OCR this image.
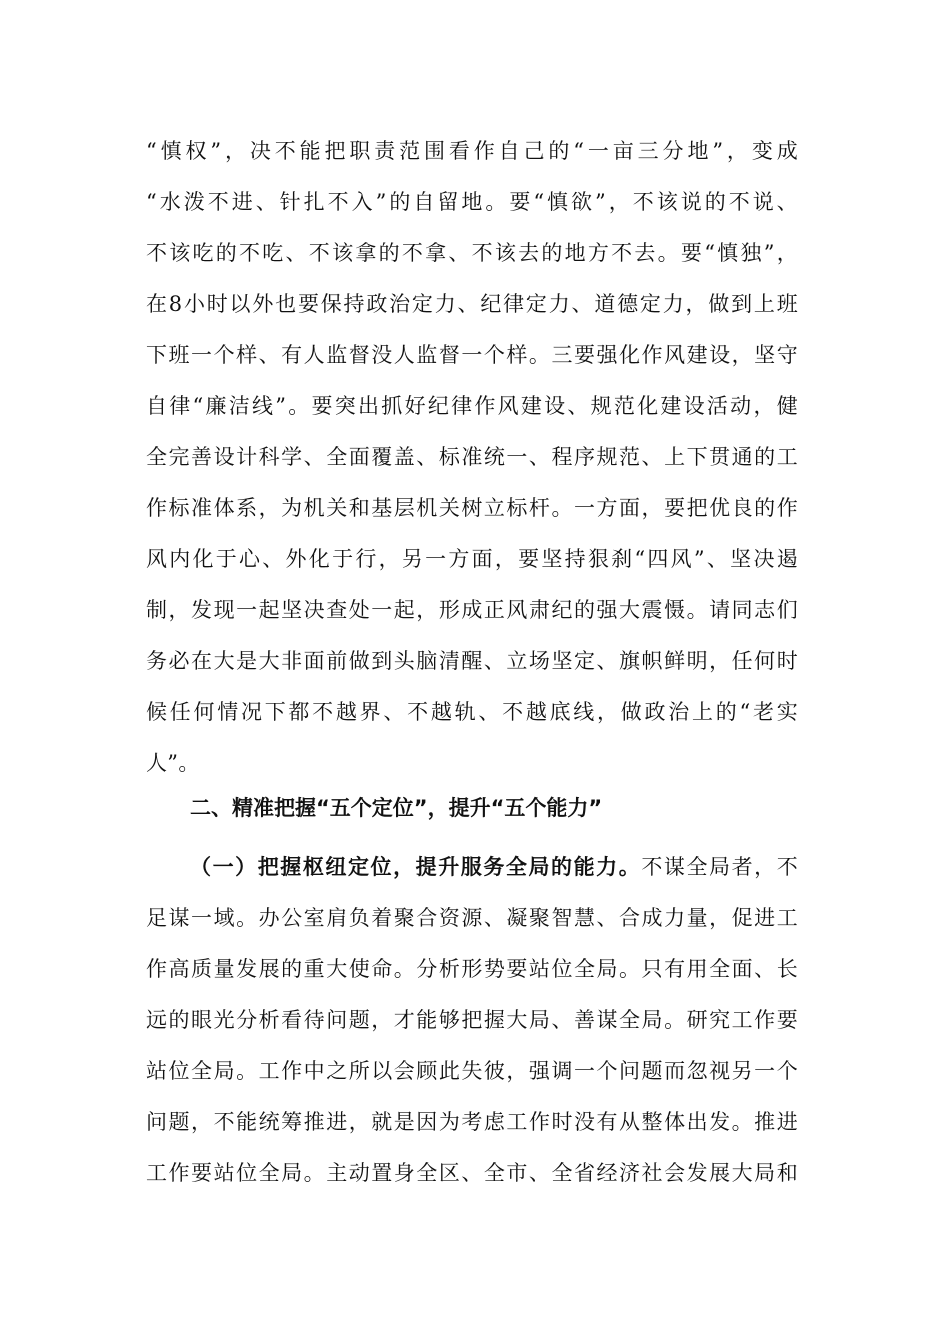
“慎权”，决不能把职责范围看作自己的“一亩三分地”，变成
“水泼不进、针扎不入”的自留地。要“慎欲”，不该说的不说、
不该吃的不吃、不该拿的不拿、不该去的地方不去。要“慎独”，
在8小时以外也要保持政治定力、纪律定力、道德定力，做到上班
下班一个样、有人监督没人监督一个样。三要强化作风建设，坚守
自律“廉洁线”。要突出抓好纪律作风建设、规范化建设活动，健
全完善设计科学、全面覆盖、标准统一、程序规范、上下贯通的工
作标准体系，为机关和基层机关树立标杆。一方面，要把优良的作
风内化于心、外化于行，另一方面，要坚持狠刹“四风”、坚决遏
制，发现一起坚决查处一起，形成正风肃纪的强大震慑。请同志们
务必在大是大非面前做到头脑清醒、立场坚定、旗帜鲜明，任何时
候任何情况下都不越界、不越轨、不越底线，做政治上的“老实
人”。
二、精准把握“五个定位”，提升“五个能力”
（一）把握枢纽定位，提升服务全局的能力。不谋全局者，不
足谋一域。办公室肩负着聚合资源、凝聚智慧、合成力量，促进工
作高质量发展的重大使命。分析形势要站位全局。只有用全面、长
远的眼光分析看待问题，才能够把握大局、善谋全局。研究工作要
站位全局。工作中之所以会顾此失彼，强调一个问题而忽视另一个
问题，不能统筹推进，就是因为考虑工作时没有从整体出发。推进
工作要站位全局。主动置身全区、全市、全省经济社会发展大局和
